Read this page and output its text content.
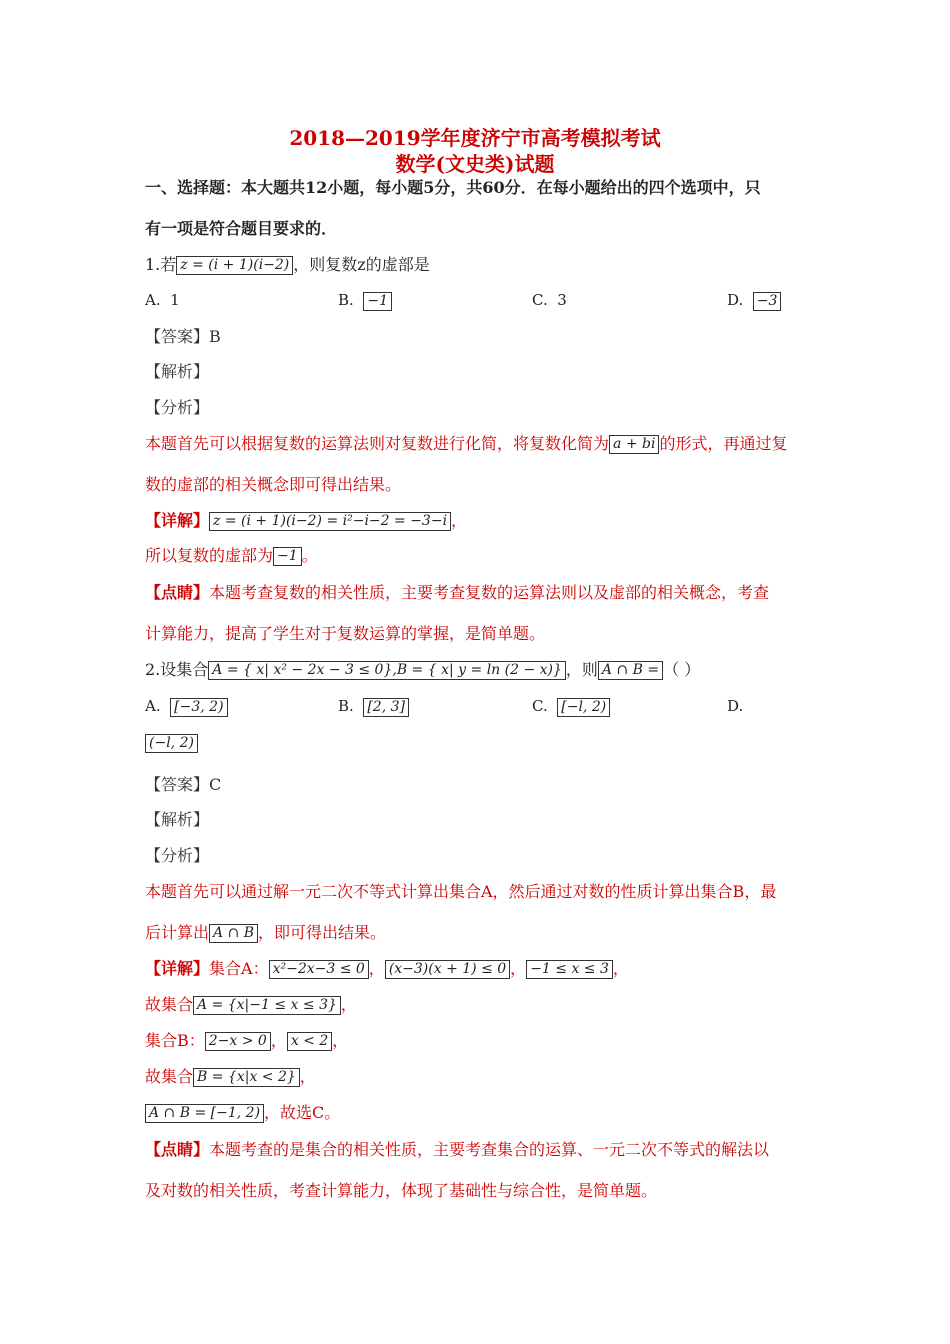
2018—2019学年度济宁市高考模拟考试
数学(文史类)试题
一、选择题：本大题共12小题，每小题5分，共60分．在每小题给出的四个选项中，只
有一项是符合题目要求的．
1.若 z = (i + 1)(i−2) ，则复数z的虚部是
A. 1	B. −1	C. 3	D. −3
【答案】B
【解析】
【分析】
本题首先可以根据复数的运算法则对复数进行化简，将复数化简为 a + bi 的形式，再通过复
数的虚部的相关概念即可得出结果。
【详解】 z = (i + 1)(i−2) = i²−i−2 = −3−i ，
所以复数的虚部为 −1 。
【点睛】本题考查复数的相关性质，主要考查复数的运算法则以及虚部的相关概念，考查
计算能力，提高了学生对于复数运算的掌握，是简单题。
2.设集合 A = { x| x² − 2x − 3 ≤ 0},B = { x| y = ln (2 − x)} ，则 A ∩ B = （ ）
A. [−3, 2)	B. [2, 3]	C. [−l, 2)	D.
(−l, 2)
【答案】C
【解析】
【分析】
本题首先可以通过解一元二次不等式计算出集合A，然后通过对数的性质计算出集合B，最
后计算出 A ∩ B ，即可得出结果。
【详解】集合A： x²−2x−3 ≤ 0 ， (x−3)(x + 1) ≤ 0 ， −1 ≤ x ≤ 3 ，
故集合 A = {x|−1 ≤ x ≤ 3} ，
集合B： 2−x > 0 ， x < 2 ，
故集合 B = {x|x < 2} ，
A ∩ B = [−1, 2) ，故选C。
【点睛】本题考查的是集合的相关性质，主要考查集合的运算、一元二次不等式的解法以
及对数的相关性质，考查计算能力，体现了基础性与综合性，是简单题。
